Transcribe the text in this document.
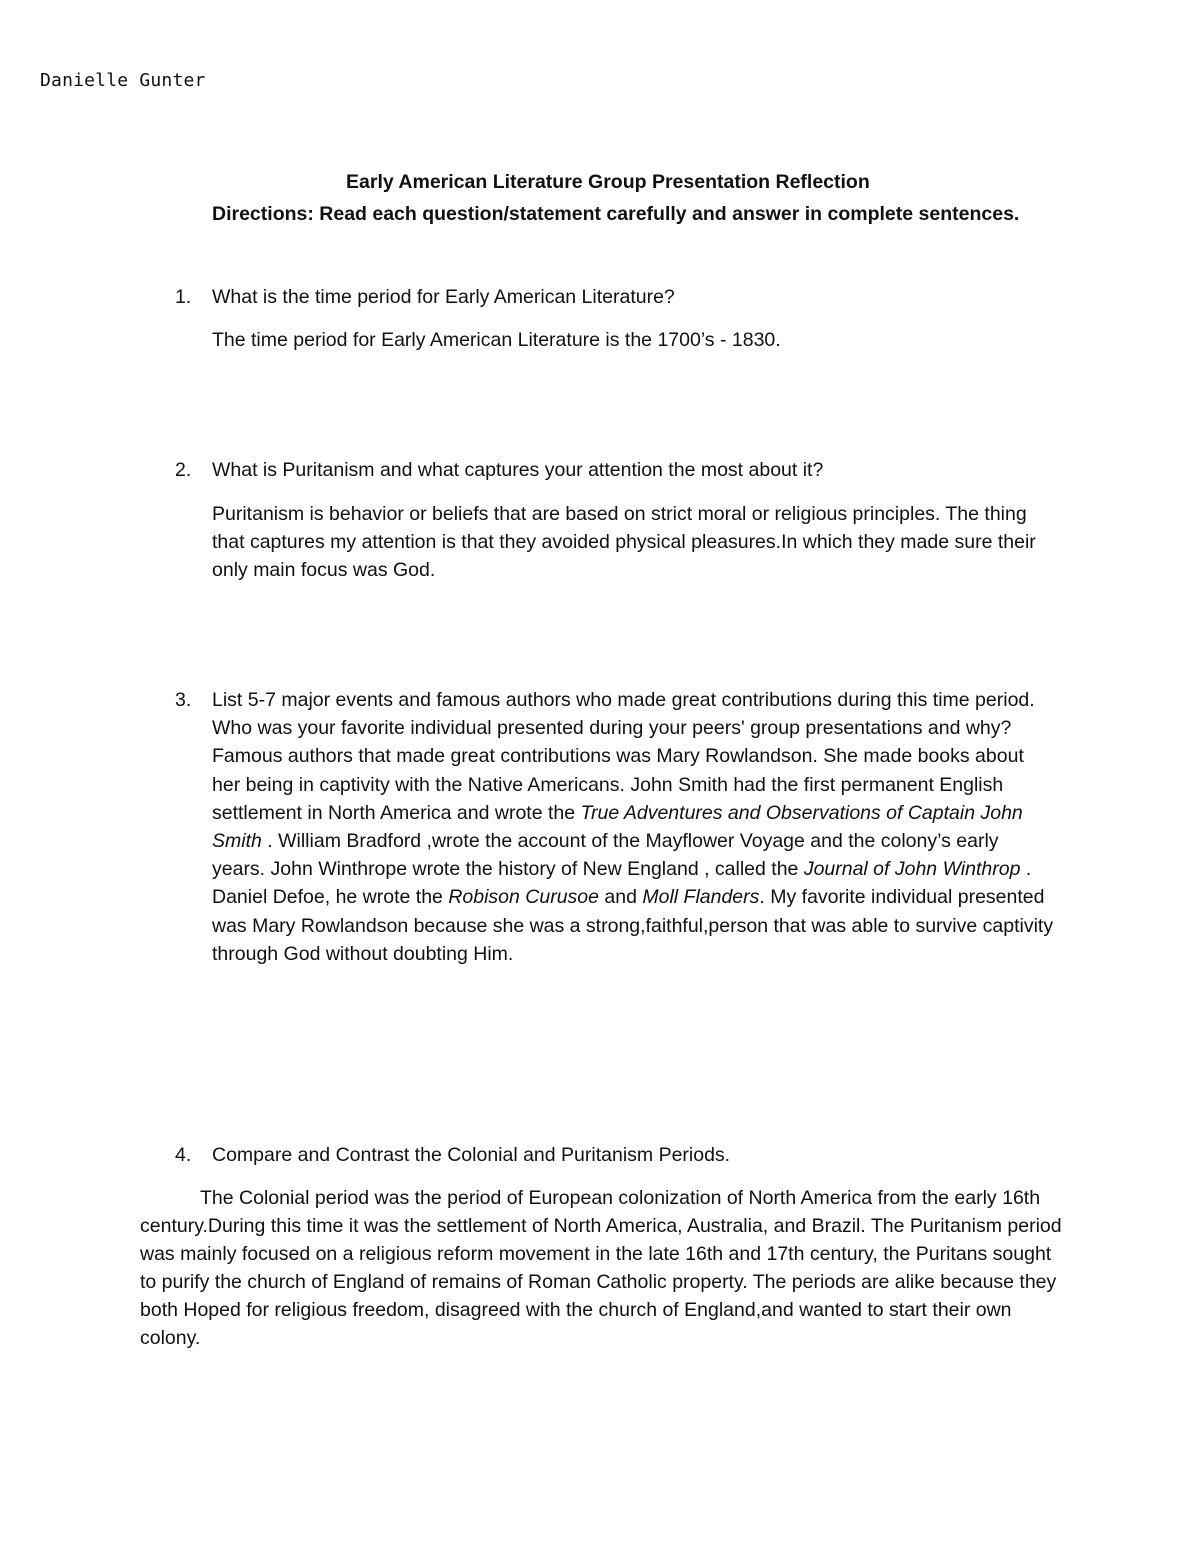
Danielle Gunter
Early American Literature Group Presentation Reflection
Directions: Read each question/statement carefully and answer in complete sentences.
1.	What is the time period for Early American Literature?
The time period for Early American Literature is the 1700’s - 1830.
2.	What is Puritanism and what captures your attention the most about it?
Puritanism is behavior or beliefs that are based on strict moral or religious principles. The thing that captures my attention is that they avoided physical pleasures.In which they made sure their only main focus was God.
3.	List 5-7 major events and famous authors who made great contributions during this time period. Who was your favorite individual presented during your peers' group presentations and why? Famous authors that made great contributions was Mary Rowlandson. She made books about her being in captivity with the Native Americans. John Smith had the first permanent English settlement in North America and wrote the True Adventures and Observations of Captain John Smith . William Bradford ,wrote the account of the Mayflower Voyage and the colony’s early years. John Winthrope wrote the history of New England , called the Journal of John Winthrop . Daniel Defoe, he wrote the Robison Curusoe and Moll Flanders. My favorite individual presented was Mary Rowlandson because she was a strong,faithful,person that was able to survive captivity through God without doubting Him.
4.	Compare and Contrast the Colonial and Puritanism Periods.
The Colonial period was the period of European colonization of North America from the early 16th century.During this time it was the settlement of North America, Australia, and Brazil. The Puritanism period was mainly focused on a religious reform movement in the late 16th and 17th century, the Puritans sought to purify the church of England of remains of Roman Catholic property. The periods are alike because they both Hoped for religious freedom, disagreed with the church of England,and wanted to start their own colony.
